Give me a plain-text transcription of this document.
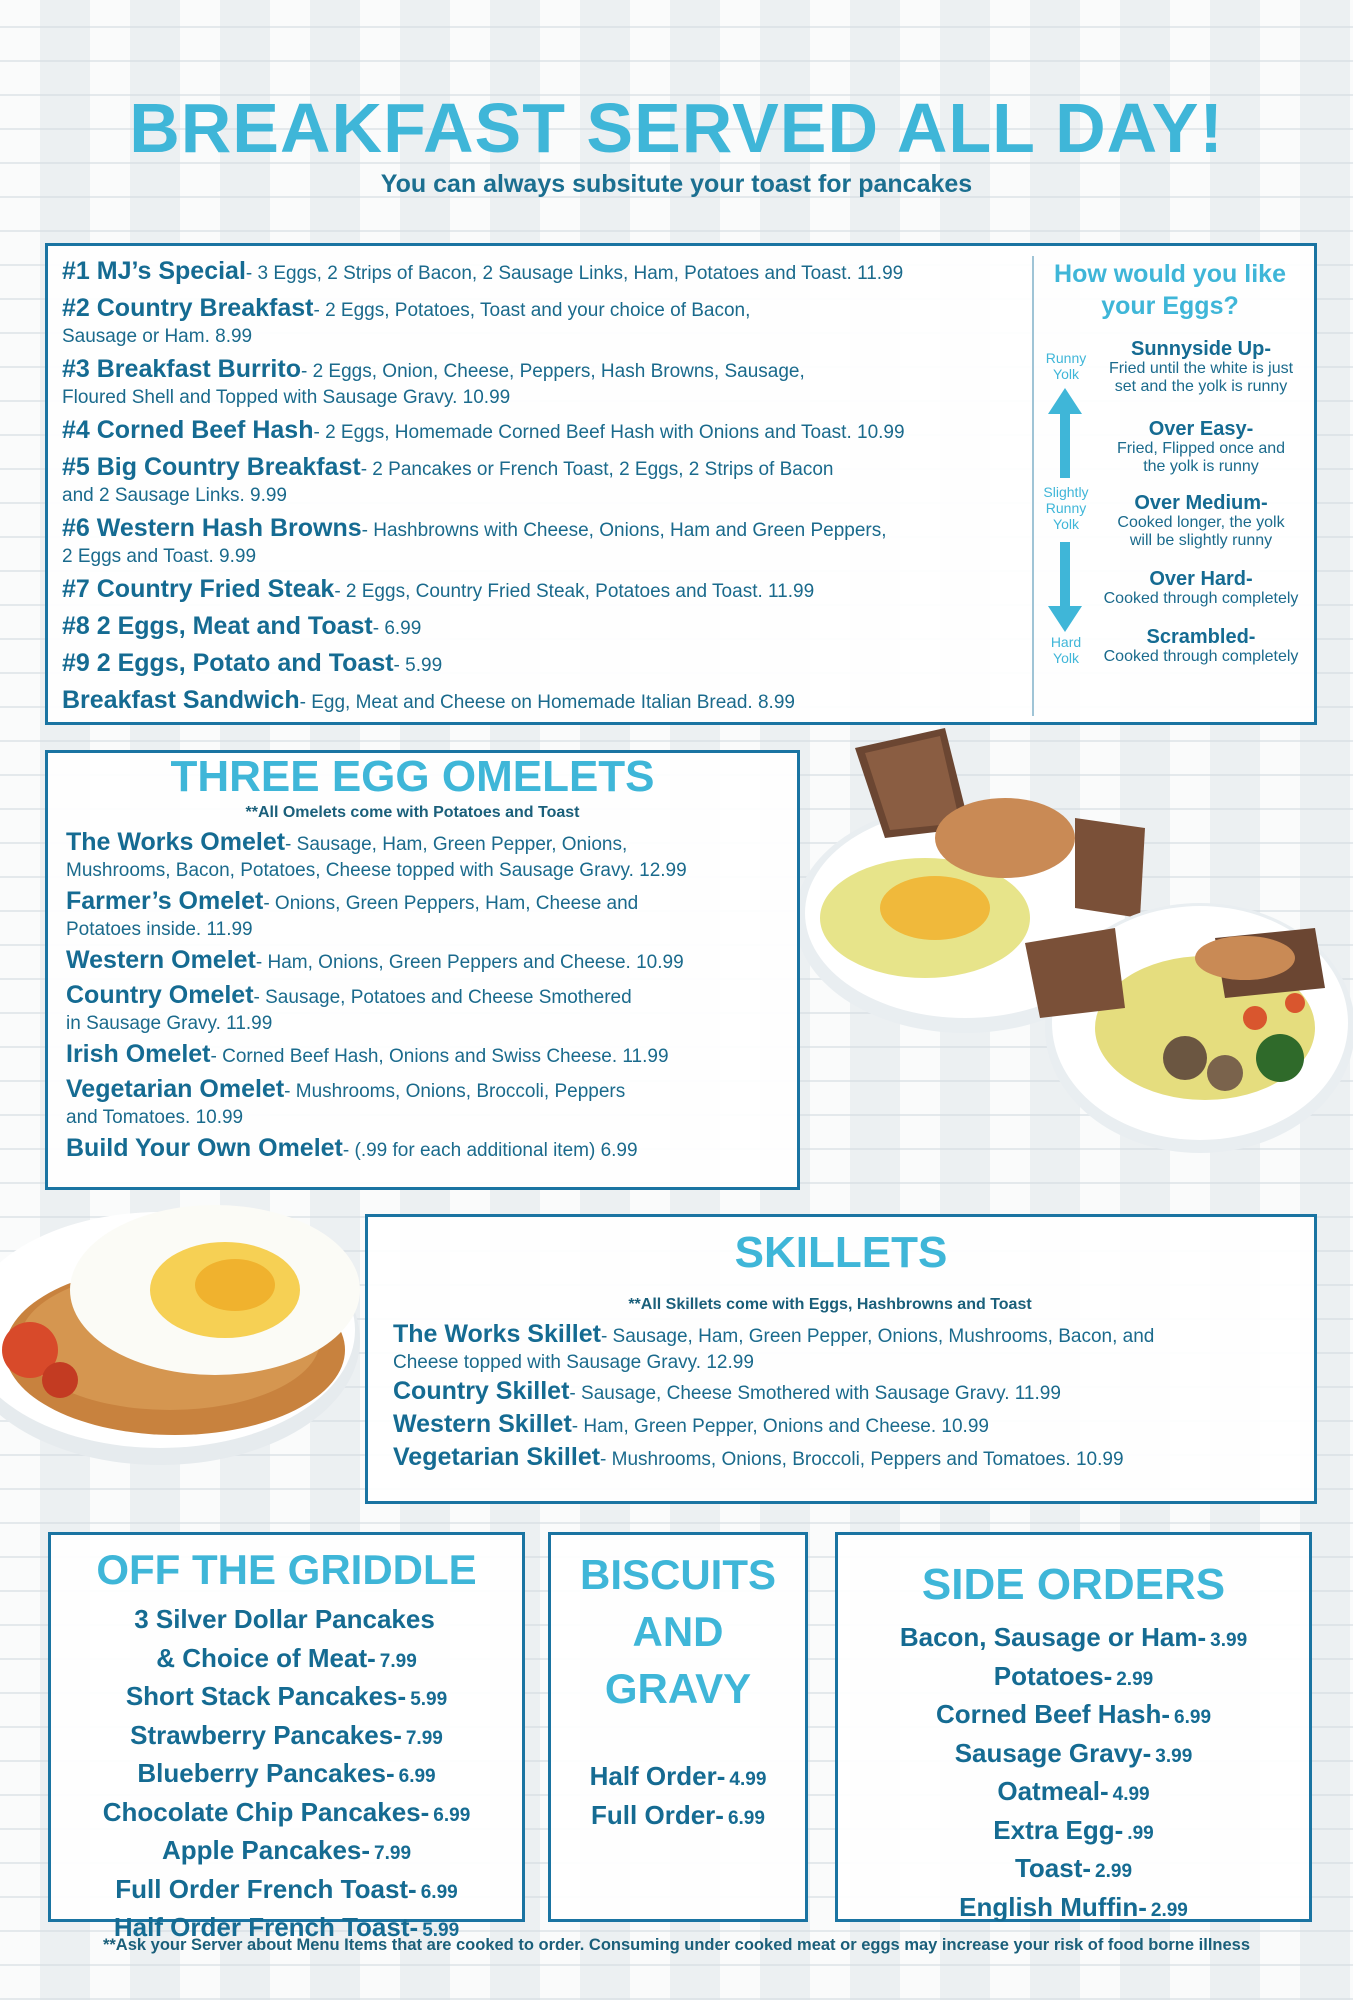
BREAKFAST SERVED ALL DAY!
You can always subsitute your toast for pancakes
#1 MJ’s Special- 3 Eggs, 2 Strips of Bacon, 2 Sausage Links, Ham, Potatoes and Toast. 11.99
#2 Country Breakfast- 2 Eggs, Potatoes, Toast and your choice of Bacon,
Sausage or Ham. 8.99
#3 Breakfast Burrito- 2 Eggs, Onion, Cheese, Peppers, Hash Browns, Sausage,
Floured Shell and Topped with Sausage Gravy. 10.99
#4 Corned Beef Hash- 2 Eggs, Homemade Corned Beef Hash with Onions and Toast. 10.99
#5 Big Country Breakfast- 2 Pancakes or French Toast, 2 Eggs, 2 Strips of Bacon
and 2 Sausage Links. 9.99
#6 Western Hash Browns- Hashbrowns with Cheese, Onions, Ham and Green Peppers,
2 Eggs and Toast. 9.99
#7 Country Fried Steak- 2 Eggs, Country Fried Steak, Potatoes and Toast. 11.99
#8 2 Eggs, Meat and Toast- 6.99
#9 2 Eggs, Potato and Toast- 5.99
Breakfast Sandwich- Egg, Meat and Cheese on Homemade Italian Bread. 8.99
How would you like
your Eggs?
Runny
Yolk
Slightly
Runny
Yolk
Hard
Yolk
Sunnyside Up-
Fried until the white is just
set and the yolk is runny
Over Easy-
Fried, Flipped once and
the yolk is runny
Over Medium-
Cooked longer, the yolk
will be slightly runny
Over Hard-
Cooked through completely
Scrambled-
Cooked through completely
THREE EGG OMELETS
**All Omelets come with Potatoes and Toast
The Works Omelet- Sausage, Ham, Green Pepper, Onions,
Mushrooms, Bacon, Potatoes, Cheese topped with Sausage Gravy. 12.99
Farmer’s Omelet- Onions, Green Peppers, Ham, Cheese and
Potatoes inside. 11.99
Western Omelet- Ham, Onions, Green Peppers and Cheese. 10.99
Country Omelet- Sausage, Potatoes and Cheese Smothered
in Sausage Gravy. 11.99
Irish Omelet- Corned Beef Hash, Onions and Swiss Cheese. 11.99
Vegetarian Omelet- Mushrooms, Onions, Broccoli, Peppers
and Tomatoes. 10.99
Build Your Own Omelet- (.99 for each additional item) 6.99
SKILLETS
**All Skillets come with Eggs, Hashbrowns and Toast
The Works Skillet- Sausage, Ham, Green Pepper, Onions, Mushrooms, Bacon, and
Cheese topped with Sausage Gravy. 12.99
Country Skillet- Sausage, Cheese Smothered with Sausage Gravy. 11.99
Western Skillet- Ham, Green Pepper, Onions and Cheese. 10.99
Vegetarian Skillet- Mushrooms, Onions, Broccoli, Peppers and Tomatoes. 10.99
OFF THE GRIDDLE
3 Silver Dollar Pancakes
& Choice of Meat- 7.99
Short Stack Pancakes- 5.99
Strawberry Pancakes- 7.99
Blueberry Pancakes- 6.99
Chocolate Chip Pancakes- 6.99
Apple Pancakes- 7.99
Full Order French Toast- 6.99
Half Order French Toast- 5.99
BISCUITS
AND
GRAVY
Half Order- 4.99
Full Order- 6.99
SIDE ORDERS
Bacon, Sausage or Ham- 3.99
Potatoes- 2.99
Corned Beef Hash- 6.99
Sausage Gravy- 3.99
Oatmeal- 4.99
Extra Egg- .99
Toast- 2.99
English Muffin- 2.99
**Ask your Server about Menu Items that are cooked to order. Consuming under cooked meat or eggs may increase your risk of food borne illness
